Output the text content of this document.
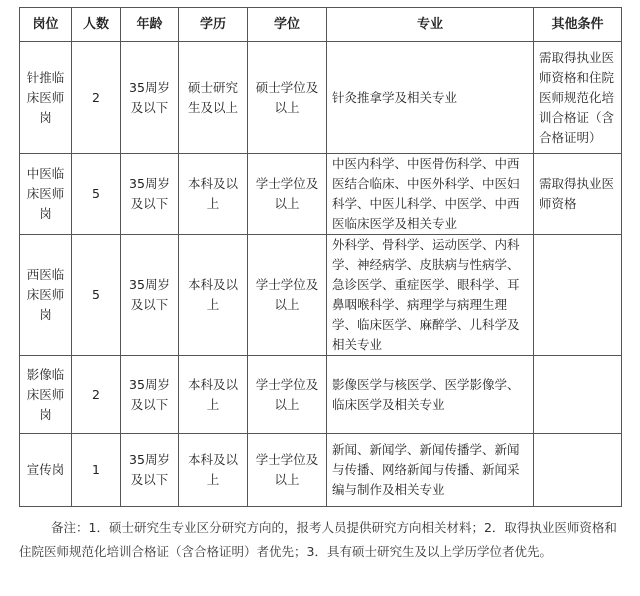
岗位	人数	年龄	学历	学位	专业	其他条件
针推临床医师岗	2	35周岁及以下	硕士研究生及以上	硕士学位及以上	针灸推拿学及相关专业	需取得执业医师资格和住院医师规范化培训合格证（含合格证明）
中医临床医师岗	5	35周岁及以下	本科及以上	学士学位及以上	中医内科学、中医骨伤科学、中西医结合临床、中医外科学、中医妇科学、中医儿科学、中医学、中西医临床医学及相关专业	需取得执业医师资格
西医临床医师岗	5	35周岁及以下	本科及以上	学士学位及以上	外科学、骨科学、运动医学、内科学、神经病学、皮肤病与性病学、急诊医学、重症医学、眼科学、耳鼻咽喉科学、病理学与病理生理学、临床医学、麻醉学、儿科学及相关专业	
影像临床医师岗	2	35周岁及以下	本科及以上	学士学位及以上	影像医学与核医学、医学影像学、临床医学及相关专业	
宣传岗	1	35周岁及以下	本科及以上	学士学位及以上	新闻、新闻学、新闻传播学、新闻与传播、网络新闻与传播、新闻采编与制作及相关专业	

备注：1．硕士研究生专业区分研究方向的，报考人员提供研究方向相关材料；2．取得执业医师资格和住院医师规范化培训合格证（含合格证明）者优先；3．具有硕士研究生及以上学历学位者优先。
